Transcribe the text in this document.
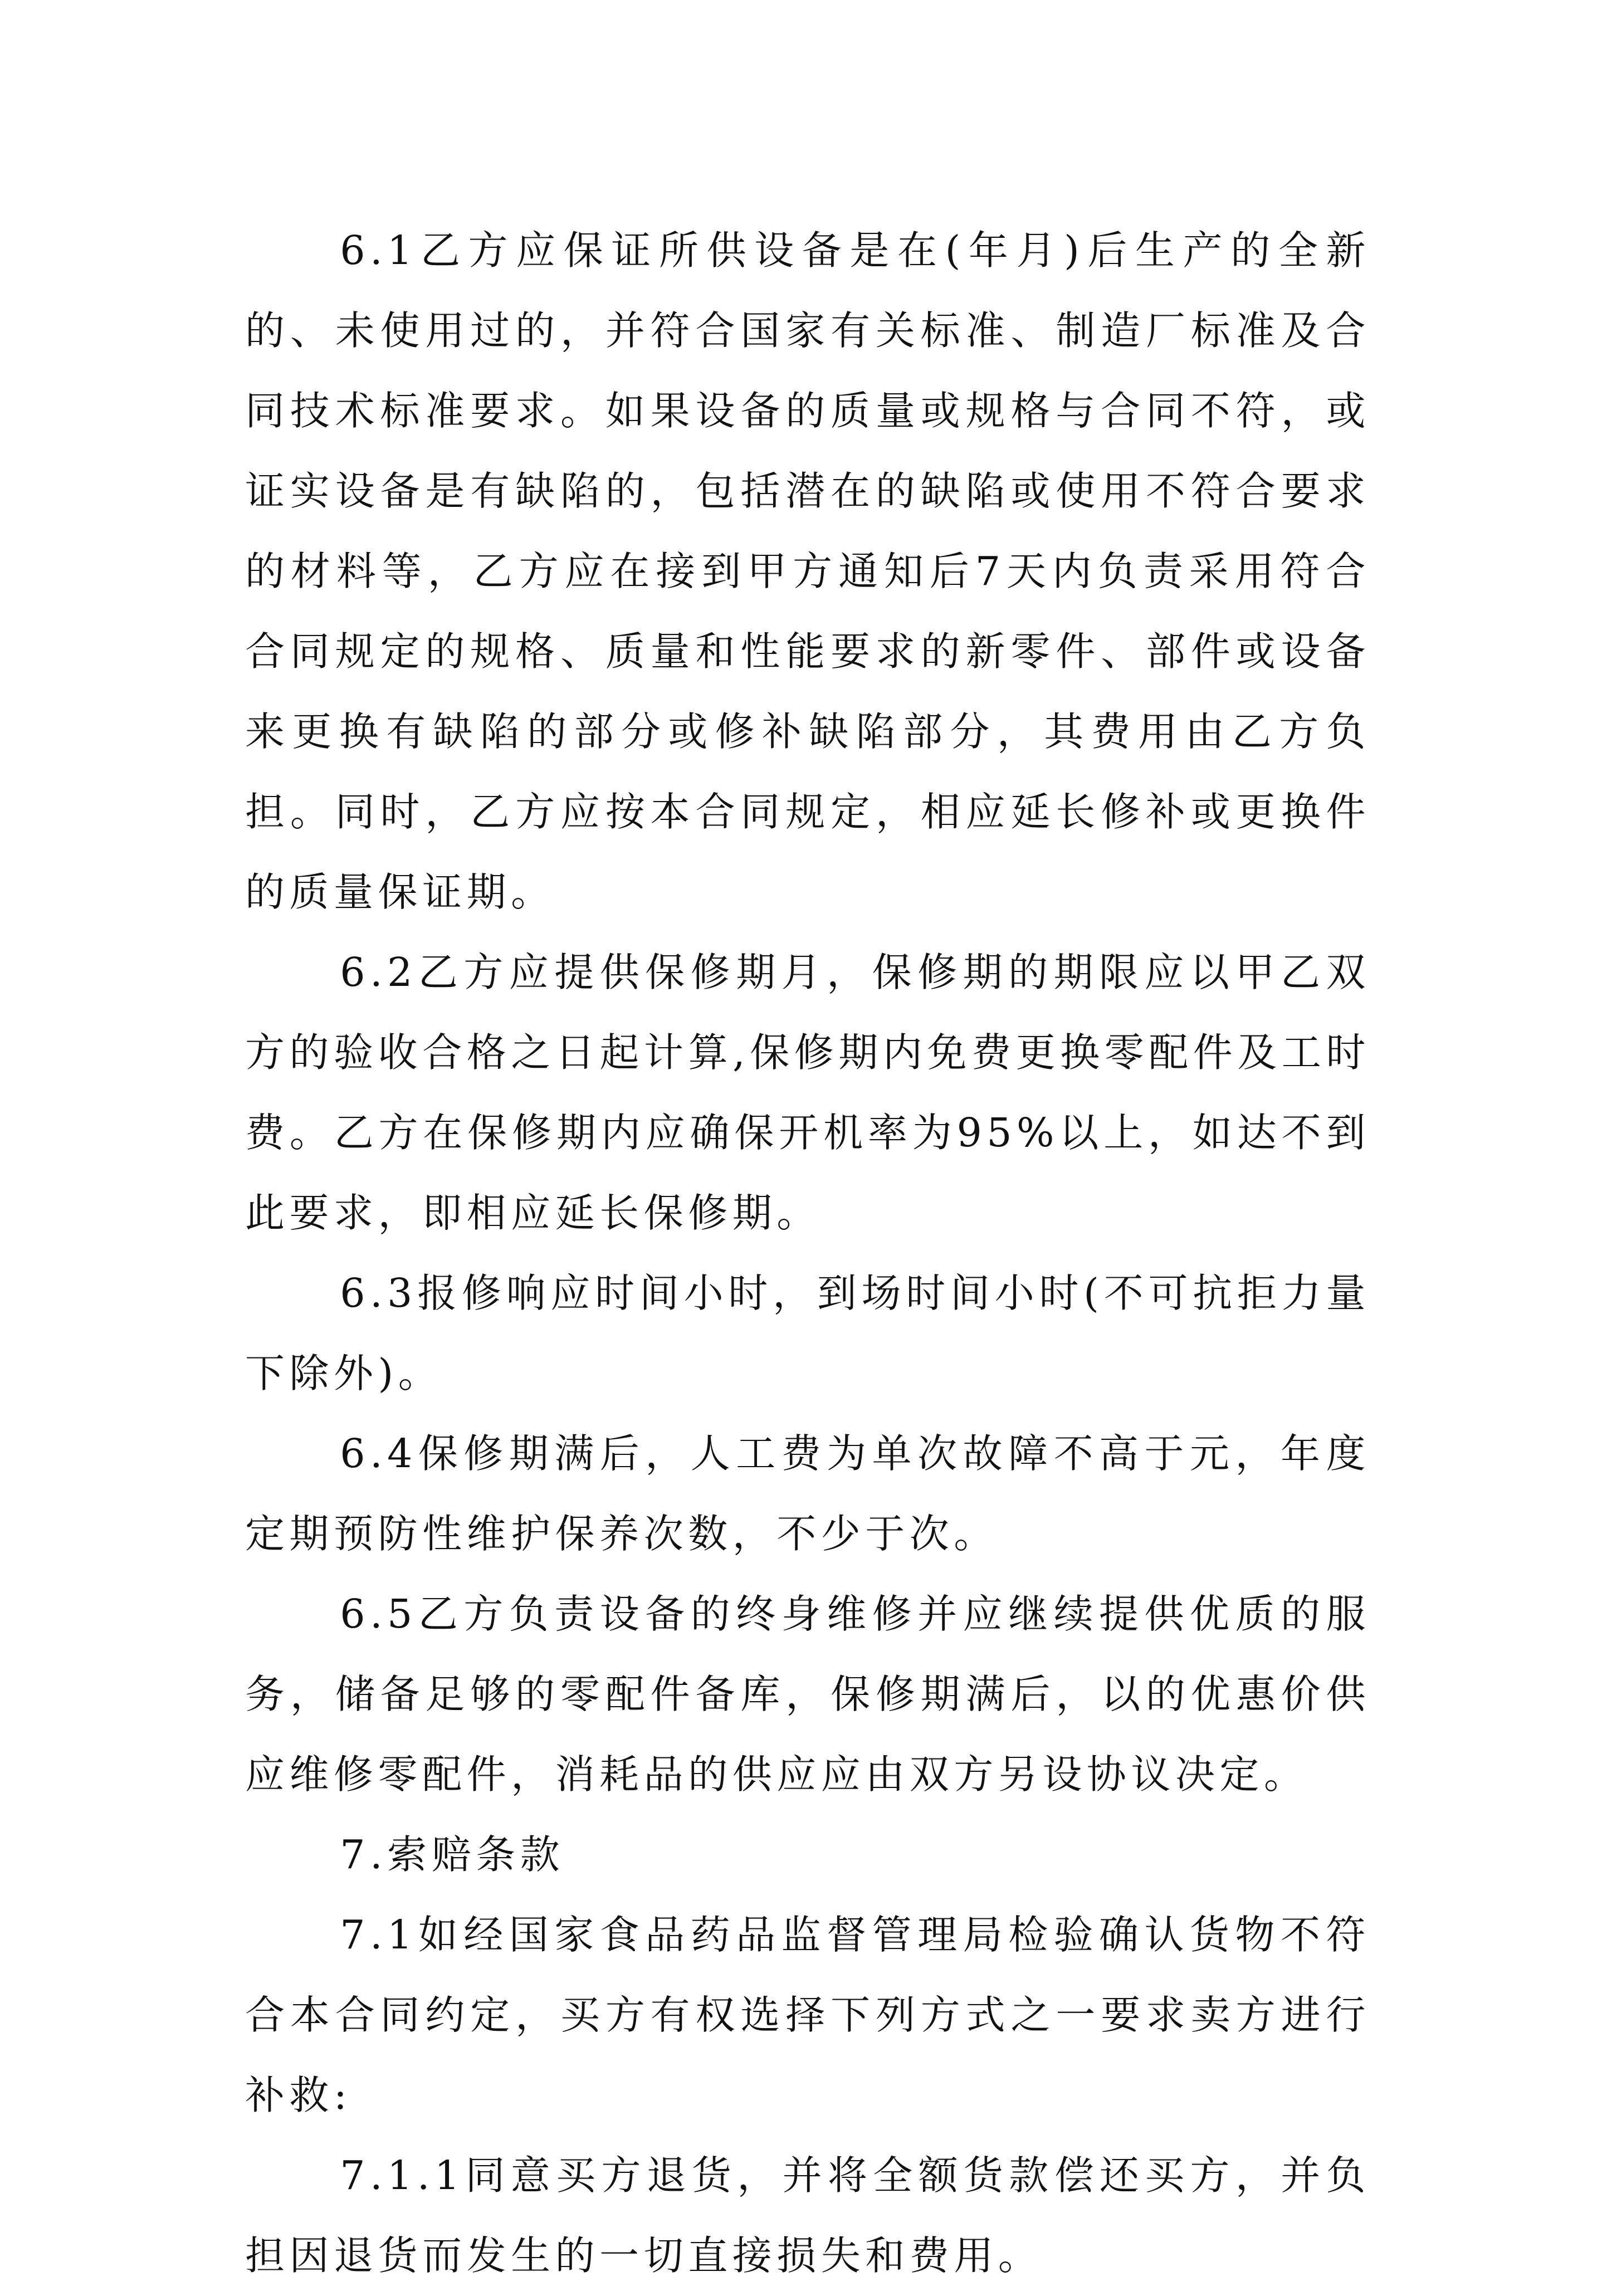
6.1乙方应保证所供设备是在(年月)后生产的全新的、未使用过的，并符合国家有关标准、制造厂标准及合同技术标准要求。如果设备的质量或规格与合同不符，或证实设备是有缺陷的，包括潜在的缺陷或使用不符合要求的材料等，乙方应在接到甲方通知后7天内负责采用符合合同规定的规格、质量和性能要求的新零件、部件或设备来更换有缺陷的部分或修补缺陷部分，其费用由乙方负担。同时，乙方应按本合同规定，相应延长修补或更换件的质量保证期。

6.2乙方应提供保修期月，保修期的期限应以甲乙双方的验收合格之日起计算,保修期内免费更换零配件及工时费。乙方在保修期内应确保开机率为95%以上，如达不到此要求，即相应延长保修期。

6.3报修响应时间小时，到场时间小时(不可抗拒力量下除外)。

6.4保修期满后，人工费为单次故障不高于元，年度定期预防性维护保养次数，不少于次。

6.5乙方负责设备的终身维修并应继续提供优质的服务，储备足够的零配件备库，保修期满后，以的优惠价供应维修零配件，消耗品的供应应由双方另设协议决定。

7.索赔条款

7.1如经国家食品药品监督管理局检验确认货物不符合本合同约定，买方有权选择下列方式之一要求卖方进行补救:

7.1.1同意买方退货，并将全额货款偿还买方，并负担因退货而发生的一切直接损失和费用。
